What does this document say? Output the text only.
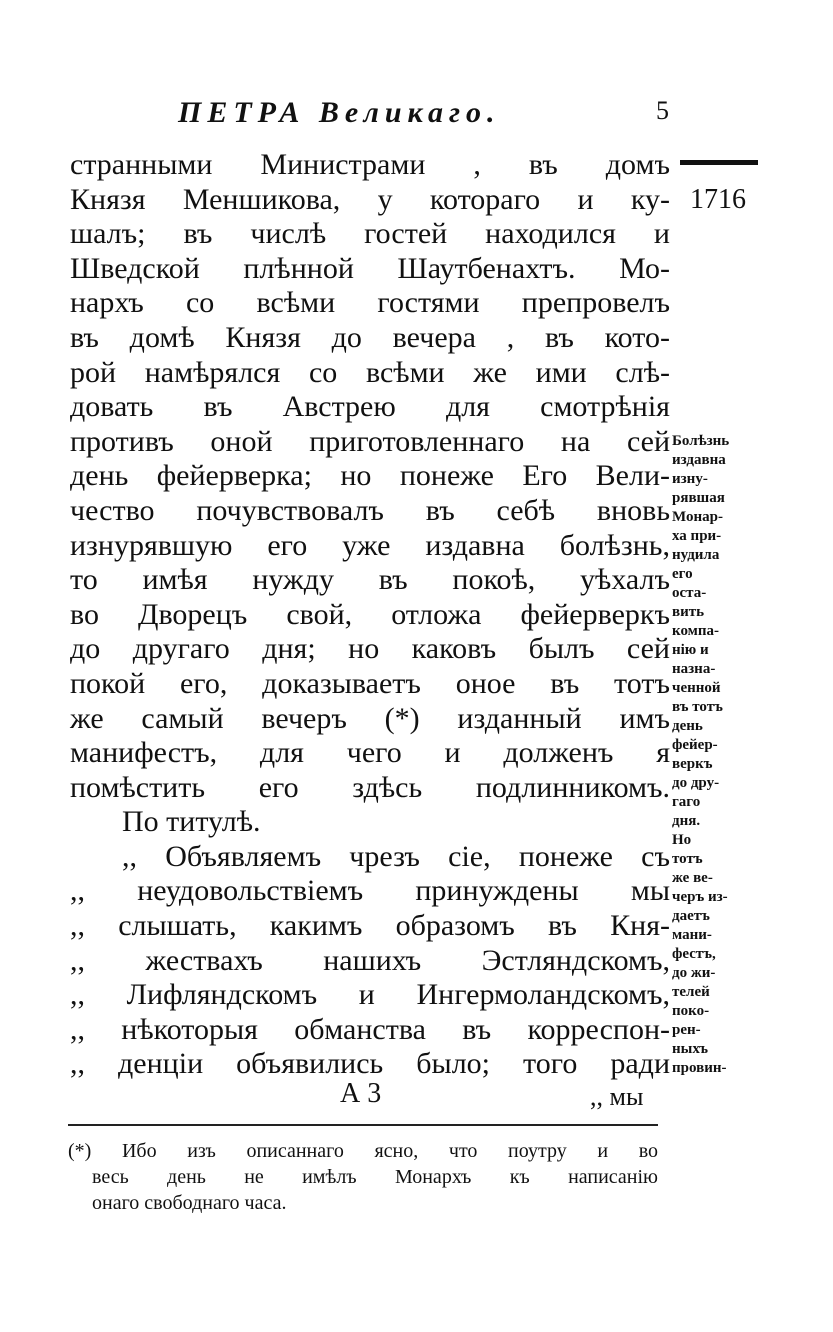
ПЕТРА Великаго.	5
1716
странными Министрами , въ домъ
Князя Меншикова, у котораго и ку-
шалъ; въ числѣ гостей находился и
Шведской плѣнной Шаутбенахтъ. Мо-
нархъ со всѣми гостями препровелъ
въ домѣ Князя до вечера , въ кото-
рой намѣрялся со всѣми же ими слѣ-
довать въ Австрею для смотрѣнія
противъ оной приготовленнаго на сей
день фейерверка; но понеже Его Вели-
чество почувствовалъ въ себѣ вновь
изнурявшую его уже издавна болѣзнь,
то имѣя нужду въ покоѣ, уѣхалъ
во Дворецъ свой, отложа фейерверкъ
до другаго дня; но каковъ былъ сей
покой его, доказываетъ оное въ тотъ
же самый вечеръ (*) изданный имъ
манифестъ, для чего и долженъ я
помѣстить его здѣсь подлинникомъ.
По титулѣ.
,, Объявляемъ чрезъ сіе, понеже съ
,, неудовольствіемъ принуждены мы
,, слышать, какимъ образомъ въ Кня-
,, жествахъ нашихъ Эстляндскомъ,
,, Лифляндскомъ и Ингермоландскомъ,
,, нѣкоторыя обманства въ корреспон-
,, денціи объявились было; того ради
А 3	,, мы
(*) Ибо изъ описаннаго ясно, что поутру и во
весь день не имѣлъ Монархъ къ написанію
онаго свободнаго часа.
Болѣзнь
издавна
изну-
рявшая
Монар-
ха при-
нудила
его
оста-
вить
компа-
нію и
назна-
ченной
въ тотъ
день
фейер-
веркъ
до дру-
гаго
дня.
Но
тотъ
же ве-
черъ из-
даетъ
мани-
фестъ,
до жи-
телей
поко-
рен-
ныхъ
провин-
